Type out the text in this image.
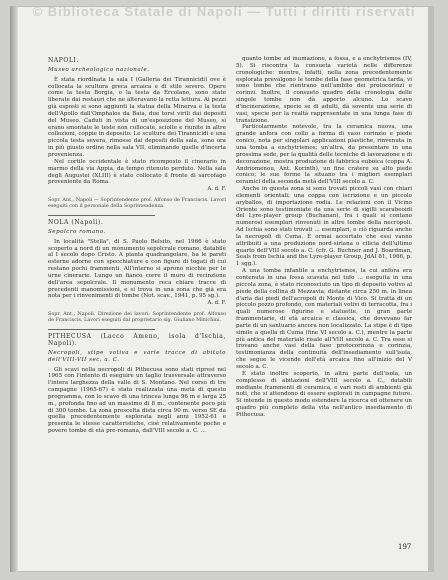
© Biblioteca Statale di Napoli — Tutti i diritti riservati

NAPOLI.

Museo archeologico nazionale.

È stata riordinata la sala I (Galleria dei Tirannicidi) ove è collocata la scultura greca arcaica e di stile severo. Opere come la testa Borgia, o la testa da Ercolano, sono state liberate dai restauri che ne alteravano la retta lettura. Ai pezzi già esposti si sono aggiunti la statua della Minerva e la testa dell'Apollo dall'Omphalos da Baia, due torsi virili dai depositi del Museo. Caduti in vista di un'esposizione del Museo, si erano smontate le teste non collocate, sciolte e riunite in altre collezioni, coppie in deposito. Le sculture dei Tirannicidi e una piccola testa severa, rimosse dai depositi della sala, sono ora in più giusto ordine nella sala VII, eliminando quelle d'incerta provenienza.

Nel cortile occidentale è stato ricomposto il cinerario in marmo della via Appia, da tempo ritenuto perduto. Nella sala degli Augustei (XLIII) è stato collocato il fronte di sarcofago proveniente da Roma.

A. d. F.

Sopr. Ant., Napoli — Soprintendente prof. Alfonso de Franciscis. Lavori eseguiti con il personale della Soprintendenza.

NOLA (Napoli).

Sepolcro romano.

In località "Stella", di S. Paolo Belsito, nel 1966 è stato scoperto a nord di un monumento sepolcrale romano, databile al I secolo dopo Cristo. A pianta quadrangolare, ha le pareti esterne adorne con specchiature e con figure di togati di cui restano pochi frammenti. All'interno si aprono nicchie per le urne cinerarie. Lungo un fianco corre il muro di recinzione dell'area sepolcrale. Il monumento reca chiare tracce di precedenti manomissioni, e si trova in una zona che già era nota per i rinvenimenti di tombe (Not. scav., 1941, p. 95 sg.).

A. d. F.

Sopr. Ant., Napoli. Direzione dei lavori: Soprintendente prof. Alfonso de Franciscis. Lavori eseguiti dal proprietario sig. Giuliano Minichini.

PITHECUSA (Lacco Ameno, isola d'Ischia, Napoli).

Necropoli, stipe votiva e varie tracce di abitato dell'VIII-VII sec. a. C.

Gli scavi nella necropoli di Pithecusa sono stati ripresi nel 1965 con l'intento di eseguire un taglio trasversale attraverso l'intera larghezza della valle di S. Montano. Nel corso di tre campagne (1965-67) è stata realizzata una metà di questo programma, con lo scavo di una trincea lunga 96 m e larga 25 m., profonda fino ad un massimo di 8 m., contenente poco più di 300 tombe. La zona prescelta dista circa 90 m. verso SE da quella precedentemente esplorata negli anni 1952-61 e presenta le stesse caratteristiche, cioè relativamente poche e povere tombe di età pre-romana, dall'VIII secolo a. C. ...

quanto tombe ad inumazione, a fossa, e a enchytrismos (IV, 5). Si riscontra la consueta varietà nelle differenze cronologiche: mentre, infatti, nella zona precedentemente esplorata prevalgono le tombe della fase geometrica tarda, vi sono tombe che rientrano nell'ambito dei protocorinzi e corinzi. Inoltre, il consueto quadro della cronologia delle singole tombe non dà apporto alcuno. Lo scavo d'incinerazione, specie se di adulti, dà sovente una serie di vasi, specie per la realtà rappresentate in una lunga fase di transizione.

Particolarmente notevole, tra la ceramica nuova, una grande anfora con collo a forma di vaso corinzio e piede conico, nota per singolari applicazioni plastiche, rinvenuta in una tomba a enchytrismos; un'altra, da presentare in una prossima sede, per la qualità delle tecniche di lavorazione e di decorazione, mostra produzione di fabbrica euboica (coppa A. Andriomenou, Ant. Korinth), un fine cratere su alto piede conico; le sue forme la situano tra i migliori esemplari ceramici della seconda metà dell'VIII secolo a. C.

Anche in questa zona si sono trovati piccoli vasi con chiari elementi orientali; una coppa con iscrizione e un piccolo aryballos, di importazione rodia. Le relazioni con il Vicino Oriente sono testimoniate da una serie di sigilli scarabeoidi del Lyre-player group (Buchanan), fra i quali si contano numerosi esemplari rinvenuti in altre tombe della necropoli. Ad Ischia sono stati trovati ... esemplari, e ciò riguarda anche la necropoli di Cuma. È ormai accertato che essi vanno attribuiti a una produzione nord-siriana o cilicia dell'ultimo quarto dell'VIII secolo a. C. (cfr. G. Buchner and J. Boardman, Seals from Ischia and the Lyre-player Group, JdAI 81, 1966, p. 1 sgg.).

A una tomba infantile a enchytrismos, la cui anfora era contenuta in una fossa scavata nel tufo ... eseguita in una piccola zona, è stato riconosciuto un tipo di deposito votivo al piede della collina di Mezzavia, distante circa 250 m. in linea d'aria dai piedi dell'acropoli di Monte di Vico. Si tratta di un piccolo pozzo profondo, con materiali votivi di terracotta, fra i quali numerose figurine e statuette, in gran parte frammentarie, di età arcaica e classica, che dovevano far parte di un santuario ancora non localizzato. La stipe è di tipo simile a quella di Cuma (fine VI secolo a. C.), mentre la parte più antica del materiale risale all'VIII secolo a. C. Tra esse si trovano anche vasi della fase protocorinzia e corinzia, testimonianza della continuità dell'insediamento sull'isola, che segue le vicende dell'età arcaica fino all'inizio del V secolo a. C.

È stato inoltre scoperto, in altra parte dell'isola, un complesso di abitazioni dell'VIII secolo a. C., databili mediante frammenti di ceramica, e vari resti di ambienti già noti, che si attendono di essere esplorati in campagne future. Si intende in questo modo estendere la ricerca ed ottenere un quadro più completo della vita nell'antico insediamento di Pithecusa.

197
